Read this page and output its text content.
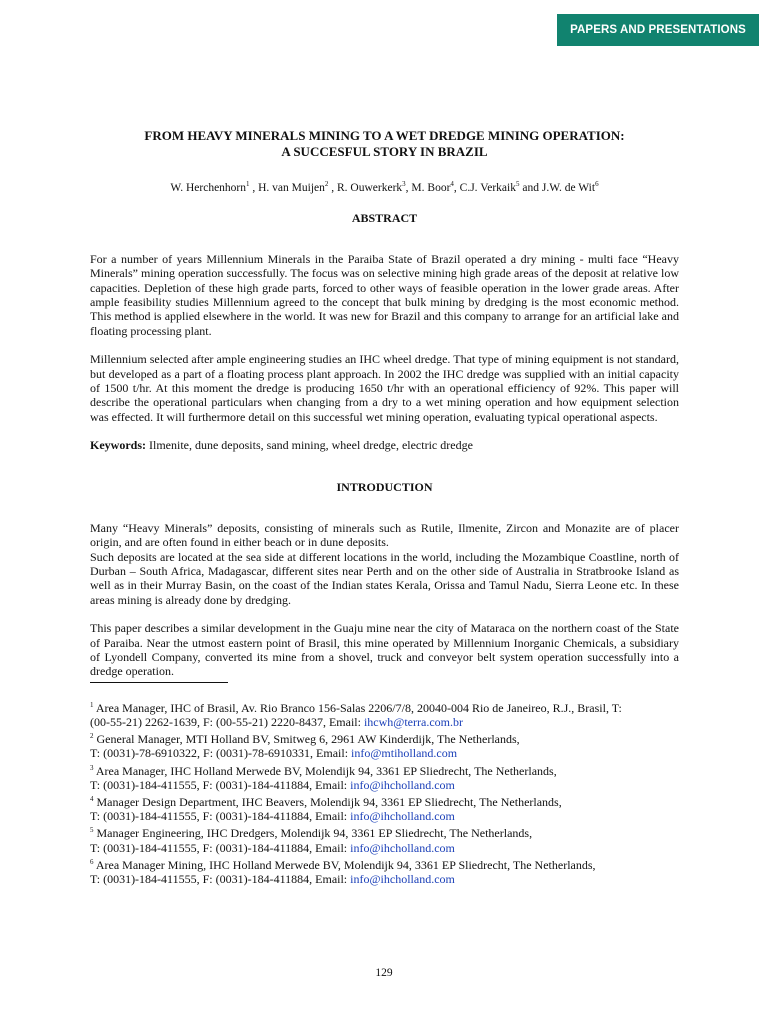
PAPERS AND PRESENTATIONS
FROM HEAVY MINERALS MINING TO A WET DREDGE MINING OPERATION:
A SUCCESFUL STORY IN BRAZIL
W. Herchenhorn$^1$ , H. van Muijen$^2$ , R. Ouwerkerk$^3$, M. Boor$^4$, C.J. Verkaik$^5$ and J.W. de Wit$^6$
ABSTRACT

For a number of years Millennium Minerals in the Paraiba State of Brazil operated a dry mining - multi face “Heavy Minerals” mining operation successfully. The focus was on selective mining high grade areas of the deposit at relative low capacities. Depletion of these high grade parts, forced to other ways of feasible operation in the lower grade areas. After ample feasibility studies Millennium agreed to the concept that bulk mining by dredging is the most economic method. This method is applied elsewhere in the world. It was new for Brazil and this company to arrange for an artificial lake and floating processing plant.

Millennium selected after ample engineering studies an IHC wheel dredge. That type of mining equipment is not standard, but developed as a part of a floating process plant approach. In 2002 the IHC dredge was supplied with an initial capacity of 1500 t/hr. At this moment the dredge is producing 1650 t/hr with an operational efficiency of 92%. This paper will describe the operational particulars when changing from a dry to a wet mining operation and how equipment selection was effected. It will furthermore detail on this successful wet mining operation, evaluating typical operational aspects.

Keywords: Ilmenite, dune deposits, sand mining, wheel dredge, electric dredge

INTRODUCTION

Many “Heavy Minerals” deposits, consisting of minerals such as Rutile, Ilmenite, Zircon and Monazite are of placer origin, and are often found in either beach or in dune deposits.

Such deposits are located at the sea side at different locations in the world, including the Mozambique Coastline, north of Durban – South Africa, Madagascar, different sites near Perth and on the other side of Australia in Stratbrooke Island as well as in their Murray Basin, on the coast of the Indian states Kerala, Orissa and Tamul Nadu, Sierra Leone etc. In these areas mining is already done by dredging.

This paper describes a similar development in the Guaju mine near the city of Mataraca on the northern coast of the State of Paraiba. Near the utmost eastern point of Brasil, this mine operated by Millennium Inorganic Chemicals, a subsidiary of Lyondell Company, converted its mine from a shovel, truck and conveyor belt system operation successfully into a dredge operation.

$^1$ Area Manager, IHC of Brasil, Av. Rio Branco 156-Salas 2206/7/8, 20040-004 Rio de Janeireo, R.J., Brasil, T:
(00-55-21) 2262-1639, F: (00-55-21) 2220-8437, Email: ihcwh@terra.com.br

$^2$ General Manager, MTI Holland BV, Smitweg 6, 2961 AW Kinderdijk, The Netherlands,
T: (0031)-78-6910322, F: (0031)-78-6910331, Email: info@mtiholland.com

$^3$ Area Manager, IHC Holland Merwede BV, Molendijk 94, 3361 EP Sliedrecht, The Netherlands,
T: (0031)-184-411555, F: (0031)-184-411884, Email: info@ihcholland.com

$^4$ Manager Design Department, IHC Beavers, Molendijk 94, 3361 EP Sliedrecht, The Netherlands,
T: (0031)-184-411555, F: (0031)-184-411884, Email: info@ihcholland.com

$^5$ Manager Engineering, IHC Dredgers, Molendijk 94, 3361 EP Sliedrecht, The Netherlands,
T: (0031)-184-411555, F: (0031)-184-411884, Email: info@ihcholland.com

$^6$ Area Manager Mining, IHC Holland Merwede BV, Molendijk 94, 3361 EP Sliedrecht, The Netherlands,
T: (0031)-184-411555, F: (0031)-184-411884, Email: info@ihcholland.com

129
